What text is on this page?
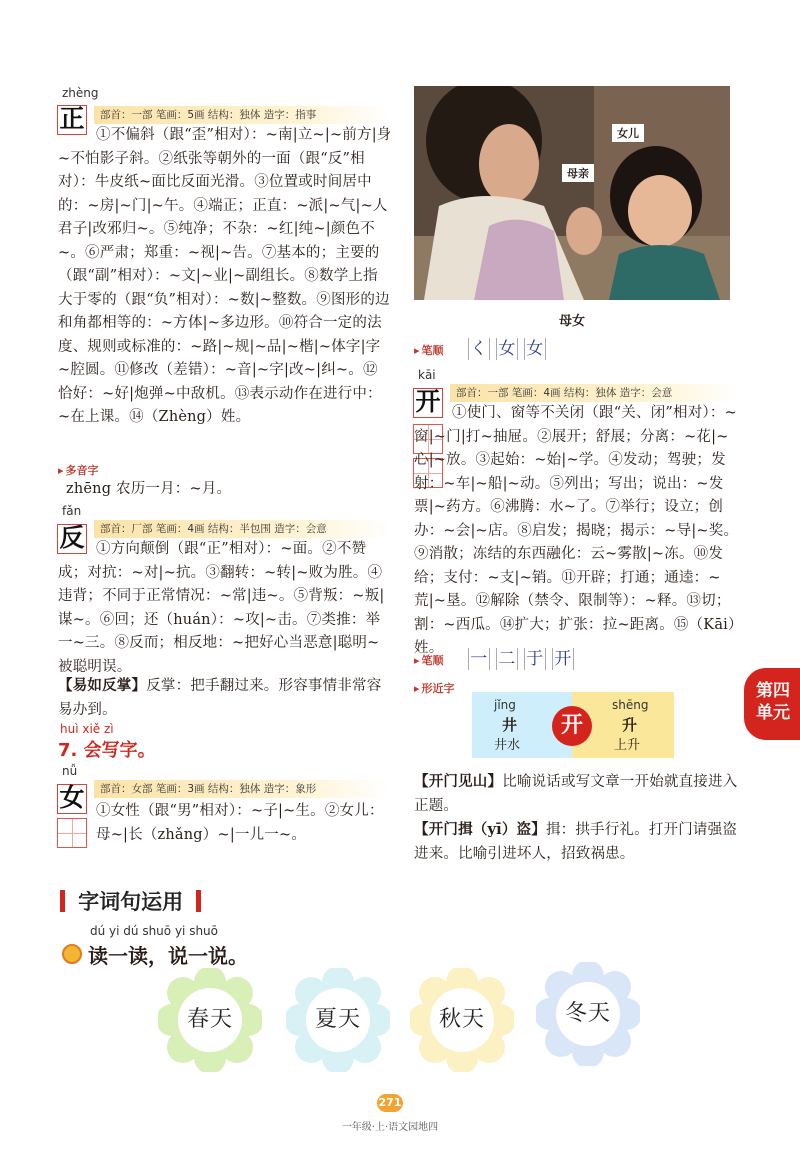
zhèng
正	部首：一部 笔画：5画 结构：独体 造字：指事
①不偏斜（跟“歪”相对）：~南|立~|~前方|身~不怕影子斜。②纸张等朝外的一面（跟“反”相对）：牛皮纸~面比反面光滑。③位置或时间居中的：~房|~门|~午。④端正；正直：~派|~气|~人君子|改邪归~。⑤纯净；不杂：~红|纯~|颜色不~。⑥严肃；郑重：~视|~告。⑦基本的；主要的（跟“副”相对）：~文|~业|~副组长。⑧数学上指大于零的（跟“负”相对）：~数|~整数。⑨图形的边和角都相等的：~方体|~多边形。⑩符合一定的法度、规则或标准的：~路|~规|~品|~楷|~体字|字~腔圆。⑪修改（差错）：~音|~字|改~|纠~。⑫恰好：~好|炮弹~中敌机。⑬表示动作在进行中：~在上课。⑭（Zhèng）姓。
▸ 多音字
zhēng 农历一月：~月。
fǎn
反	部首：厂部 笔画：4画 结构：半包围 造字：会意
①方向颠倒（跟“正”相对）：~面。②不赞成；对抗：~对|~抗。③翻转：~转|~败为胜。④违背；不同于正常情况：~常|违~。⑤背叛：~叛|谋~。⑥回；还（huán）：~攻|~击。⑦类推：举一~三。⑧反而；相反地：~把好心当恶意|聪明~被聪明误。
【易如反掌】反掌：把手翻过来。形容事情非常容易办到。
huì xiě zì
7. 会写字。
nǚ
女	部首：女部 笔画：3画 结构：独体 造字：象形
①女性（跟“男”相对）：~子|~生。②女儿：母~|长（zhǎng）~|一儿一~。
女儿
母亲
母女
▸ 笔顺 く 女 女
kāi
开	部首：一部 笔画：4画 结构：独体 造字：会意
①使门、窗等不关闭（跟“关、闭”相对）：~窗|~门|打~抽屉。②展开；舒展；分离：~花|~心|~放。③起始：~始|~学。④发动；驾驶；发射：~车|~船|~动。⑤列出；写出；说出：~发票|~药方。⑥沸腾：水~了。⑦举行；设立；创办：~会|~店。⑧启发；揭晓；揭示：~导|~奖。⑨消散；冻结的东西融化：云~雾散|~冻。⑩发给；支付：~支|~销。⑪开辟；打通；通逵：~荒|~垦。⑫解除（禁令、限制等）：~释。⑬切；割：~西瓜。⑭扩大；扩张：拉~距离。⑮（Kāi）姓。
▸ 笔顺 一 二 于 开
▸ 形近字
jǐng
井
井水
开
shēng
升
上升
【开门见山】比喻说话或写文章一开始就直接进入正题。
【开门揖（yī）盗】揖：拱手行礼。打开门请强盗进来。比喻引进坏人，招致祸患。
第四
单元
字词句运用
dú yi dú shuō yi shuō
读一读，说一说。
春天	夏天	秋天	冬天
271
一年级·上·语文园地四
